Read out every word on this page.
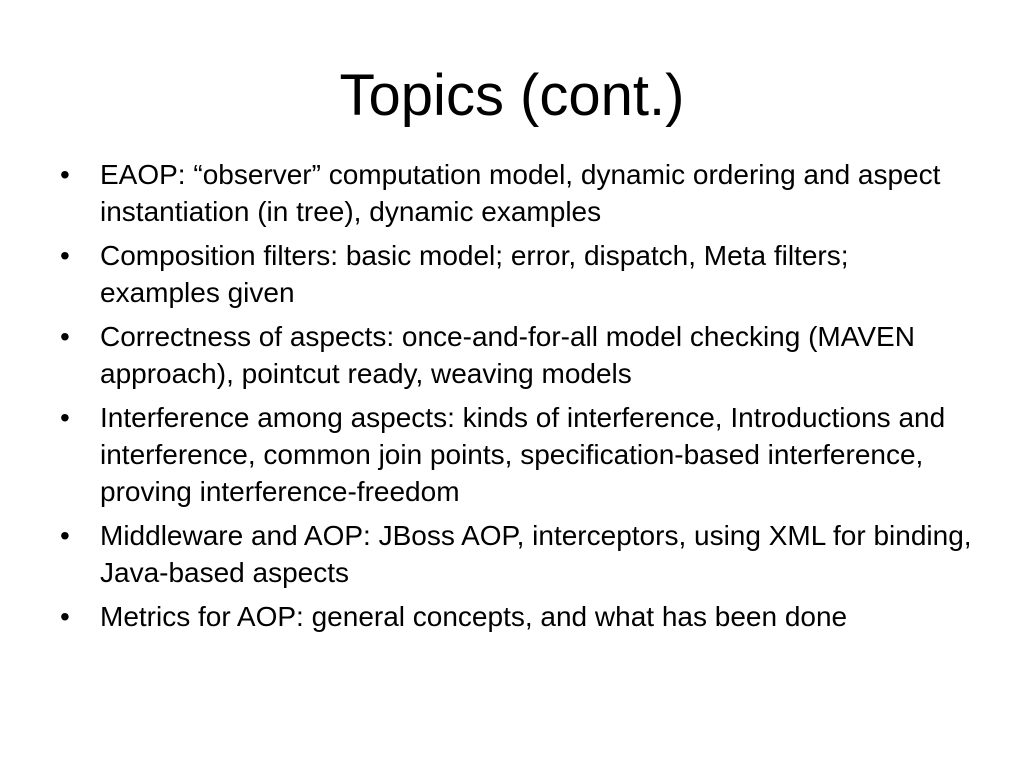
Topics (cont.)
• EAOP: “observer” computation model, dynamic ordering and aspect instantiation (in tree), dynamic examples
• Composition filters: basic model; error, dispatch, Meta filters; examples given
• Correctness of aspects: once-and-for-all model checking (MAVEN approach), pointcut ready, weaving models
• Interference among aspects: kinds of interference, Introductions and interference, common join points, specification-based interference, proving interference-freedom
• Middleware and AOP: JBoss AOP, interceptors, using XML for binding, Java-based aspects
• Metrics for AOP: general concepts, and what has been done
